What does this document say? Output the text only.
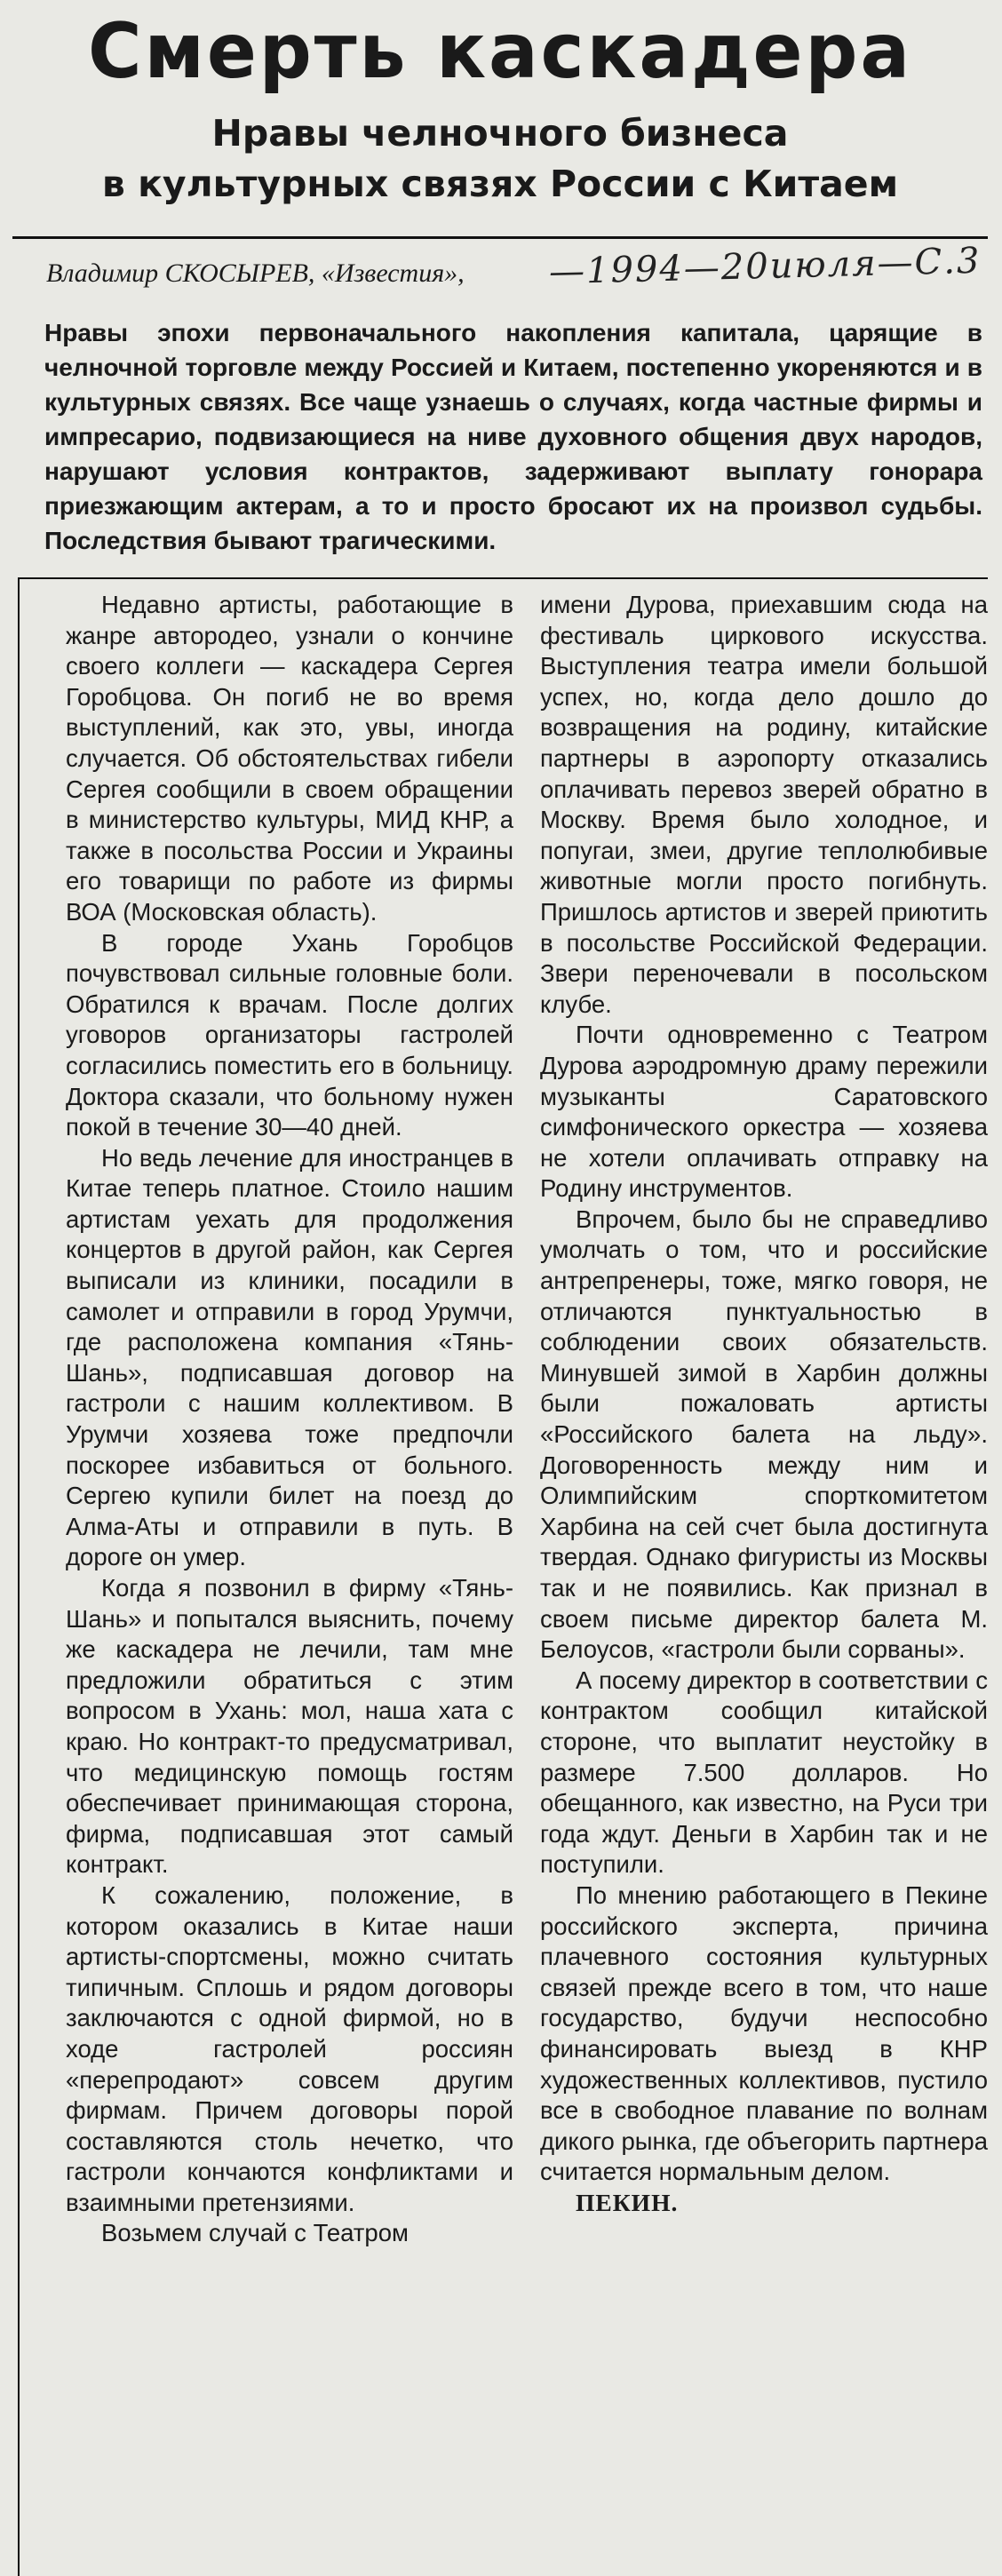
Смерть каскадера
Нравы челночного бизнеса
в культурных связях России с Китаем
Владимир СКОСЫРЕВ, «Известия», —1994—20июля—С.3

Нравы эпохи первоначального накопления капитала, царящие в челночной торговле между Россией и Китаем, постепенно укореняются и в культурных связях. Все чаще узнаешь о случаях, когда частные фирмы и импресарио, подвизающиеся на ниве духовного общения двух народов, нарушают условия контрактов, задерживают выплату гонорара приезжающим актерам, а то и просто бросают их на произвол судьбы. Последствия бывают трагическими.

Недавно артисты, работающие в жанре автородео, узнали о кончине своего коллеги — каскадера Сергея Горобцова. Он погиб не во время выступлений, как это, увы, иногда случается. Об обстоятельствах гибели Сергея сообщили в своем обращении в министерство культуры, МИД КНР, а также в посольства России и Украины его товарищи по работе из фирмы ВОА (Московская область).

В городе Ухань Горобцов почувствовал сильные головные боли. Обратился к врачам. После долгих уговоров организаторы гастролей согласились поместить его в больницу. Доктора сказали, что больному нужен покой в течение 30—40 дней.

Но ведь лечение для иностранцев в Китае теперь платное. Стоило нашим артистам уехать для продолжения концертов в другой район, как Сергея выписали из клиники, посадили в самолет и отправили в город Урумчи, где расположена компания «Тянь-Шань», подписавшая договор на гастроли с нашим коллективом. В Урумчи хозяева тоже предпочли поскорее избавиться от больного. Сергею купили билет на поезд до Алма-Аты и отправили в путь. В дороге он умер.

Когда я позвонил в фирму «Тянь-Шань» и попытался выяснить, почему же каскадера не лечили, там мне предложили обратиться с этим вопросом в Ухань: мол, наша хата с краю. Но контракт-то предусматривал, что медицинскую помощь гостям обеспечивает принимающая сторона, фирма, подписавшая этот самый контракт.

К сожалению, положение, в котором оказались в Китае наши артисты-спортсмены, можно считать типичным. Сплошь и рядом договоры заключаются с одной фирмой, но в ходе гастролей россиян «перепродают» совсем другим фирмам. Причем договоры порой составляются столь нечетко, что гастроли кончаются конфликтами и взаимными претензиями.

Возьмем случай с Театром

имени Дурова, приехавшим сюда на фестиваль циркового искусства. Выступления театра имели большой успех, но, когда дело дошло до возвращения на родину, китайские партнеры в аэропорту отказались оплачивать перевоз зверей обратно в Москву. Время было холодное, и попугаи, змеи, другие теплолюбивые животные могли просто погибнуть. Пришлось артистов и зверей приютить в посольстве Российской Федерации. Звери переночевали в посольском клубе.

Почти одновременно с Театром Дурова аэродромную драму пережили музыканты Саратовского симфонического оркестра — хозяева не хотели оплачивать отправку на Родину инструментов.

Впрочем, было бы не справедливо умолчать о том, что и российские антрепренеры, тоже, мягко говоря, не отличаются пунктуальностью в соблюдении своих обязательств. Минувшей зимой в Харбин должны были пожаловать артисты «Российского балета на льду». Договоренность между ним и Олимпийским спорткомитетом Харбина на сей счет была достигнута твердая. Однако фигуристы из Москвы так и не появились. Как признал в своем письме директор балета М. Белоусов, «гастроли были сорваны».

А посему директор в соответствии с контрактом сообщил китайской стороне, что выплатит неустойку в размере 7.500 долларов. Но обещанного, как известно, на Руси три года ждут. Деньги в Харбин так и не поступили.

По мнению работающего в Пекине российского эксперта, причина плачевного состояния культурных связей прежде всего в том, что наше государство, будучи неспособно финансировать выезд в КНР художественных коллективов, пустило все в свободное плавание по волнам дикого рынка, где объегорить партнера считается нормальным делом.

ПЕКИН.
